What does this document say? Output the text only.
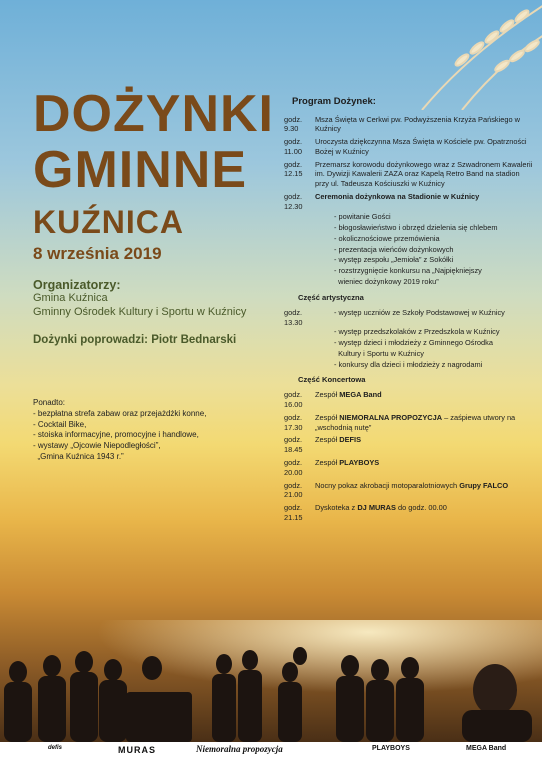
DOŻYNKI
GMINNE
KUŹNICA
8 września 2019
Organizatorzy:
Gmina Kuźnica
Gminny Ośrodek Kultury i Sportu w Kuźnicy
Dożynki poprowadzi: Piotr Bednarski
Ponadto:
- bezpłatna strefa zabaw oraz przejażdżki konne,
- Cocktail Bike,
- stoiska informacyjne, promocyjne i handlowe,
- wystawy „Ojcowie Niepodległości”,
„Gmina Kuźnica 1943 r.”
Program Dożynek:
godz. 9.30
Msza Święta w Cerkwi pw. Podwyższenia Krzyża Pańskiego w Kuźnicy
godz. 11.00
Uroczysta dziękczynna Msza Święta w Kościele pw. Opatrzności Bożej w Kuźnicy
godz. 12.15
Przemarsz korowodu dożynkowego wraz z Szwadronem Kawalerii im. Dywizji Kawalerii ZAZA oraz Kapelą Retro Band na stadion przy ul. Tadeusza Kościuszki w Kuźnicy
godz. 12.30
Ceremonia dożynkowa na Stadionie w Kuźnicy
- powitanie Gości
- błogosławieństwo i obrzęd dzielenia się chlebem
- okolicznościowe przemówienia
- prezentacja wieńców dożynkowych
- występ zespołu „Jemioła” z Sokółki
- rozstrzygnięcie konkursu na „Najpiękniejszy
wieniec dożynkowy 2019 roku”
Część artystyczna
godz. 13.30
- występ uczniów ze Szkoły Podstawowej w Kuźnicy
- występ przedszkolaków z Przedszkola w Kuźnicy
- występ dzieci i młodzieży z Gminnego Ośrodka
Kultury i Sportu w Kuźnicy
- konkursy dla dzieci i młodzieży z nagrodami
Część Koncertowa
godz. 16.00
Zespół MEGA Band
godz. 17.30
Zespół NIEMORALNA PROPOZYCJA – zaśpiewa utwory na „wschodnią nutę”
godz. 18.45
Zespół DEFIS
godz. 20.00
Zespół PLAYBOYS
godz. 21.00
Nocny pokaz akrobacji motoparalotniowych Grupy FALCO
godz. 21.15
Dyskoteka z DJ MURAS do godz. 00.00
defis	MURAS	Niemoralna propozycja	PLAYBOYS	MEGA Band
